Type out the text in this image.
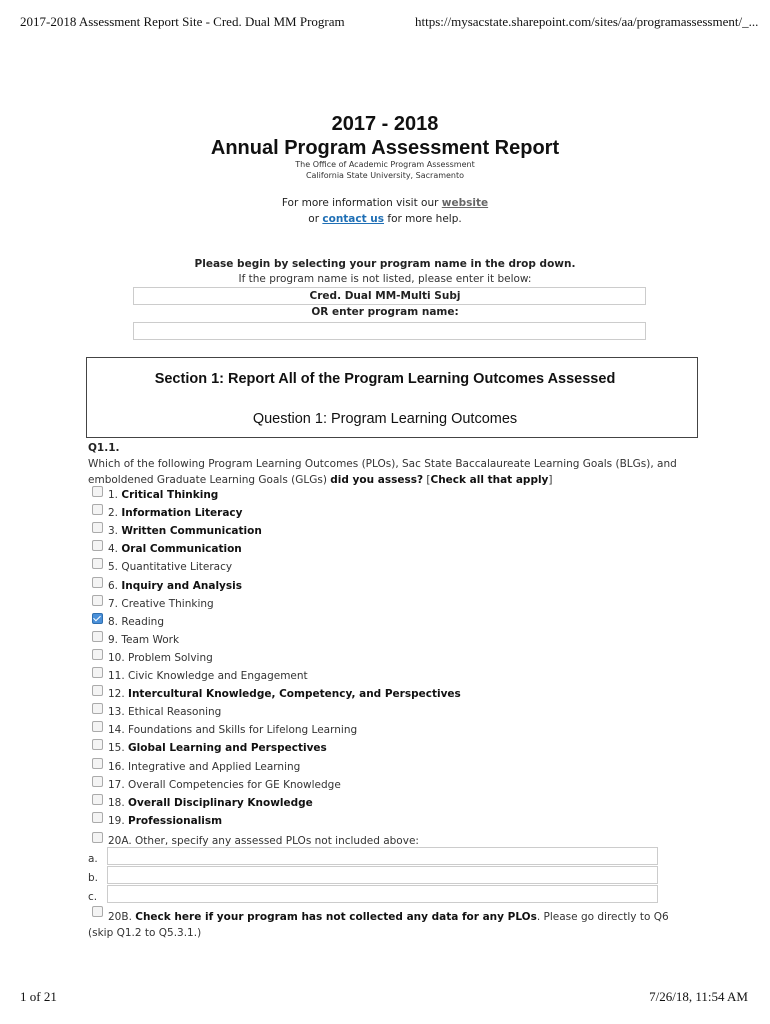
2017-2018 Assessment Report Site - Cred. Dual MM Program	https://mysacstate.sharepoint.com/sites/aa/programassessment/_...
2017 - 2018
Annual Program Assessment Report
The Office of Academic Program Assessment
California State University, Sacramento
For more information visit our website
or contact us for more help.
Please begin by selecting your program name in the drop down.
If the program name is not listed, please enter it below:
Cred. Dual MM-Multi Subj
OR enter program name:
Section 1: Report All of the Program Learning Outcomes Assessed
Question 1: Program Learning Outcomes
Q1.1.
Which of the following Program Learning Outcomes (PLOs), Sac State Baccalaureate Learning Goals (BLGs), and emboldened Graduate Learning Goals (GLGs) did you assess? [Check all that apply]
1. Critical Thinking
2. Information Literacy
3. Written Communication
4. Oral Communication
5. Quantitative Literacy
6. Inquiry and Analysis
7. Creative Thinking
8. Reading
9. Team Work
10. Problem Solving
11. Civic Knowledge and Engagement
12. Intercultural Knowledge, Competency, and Perspectives
13. Ethical Reasoning
14. Foundations and Skills for Lifelong Learning
15. Global Learning and Perspectives
16. Integrative and Applied Learning
17. Overall Competencies for GE Knowledge
18. Overall Disciplinary Knowledge
19. Professionalism
20A. Other, specify any assessed PLOs not included above:
a.
b.
c.
20B. Check here if your program has not collected any data for any PLOs. Please go directly to Q6 (skip Q1.2 to Q5.3.1.)
1 of 21	7/26/18, 11:54 AM
